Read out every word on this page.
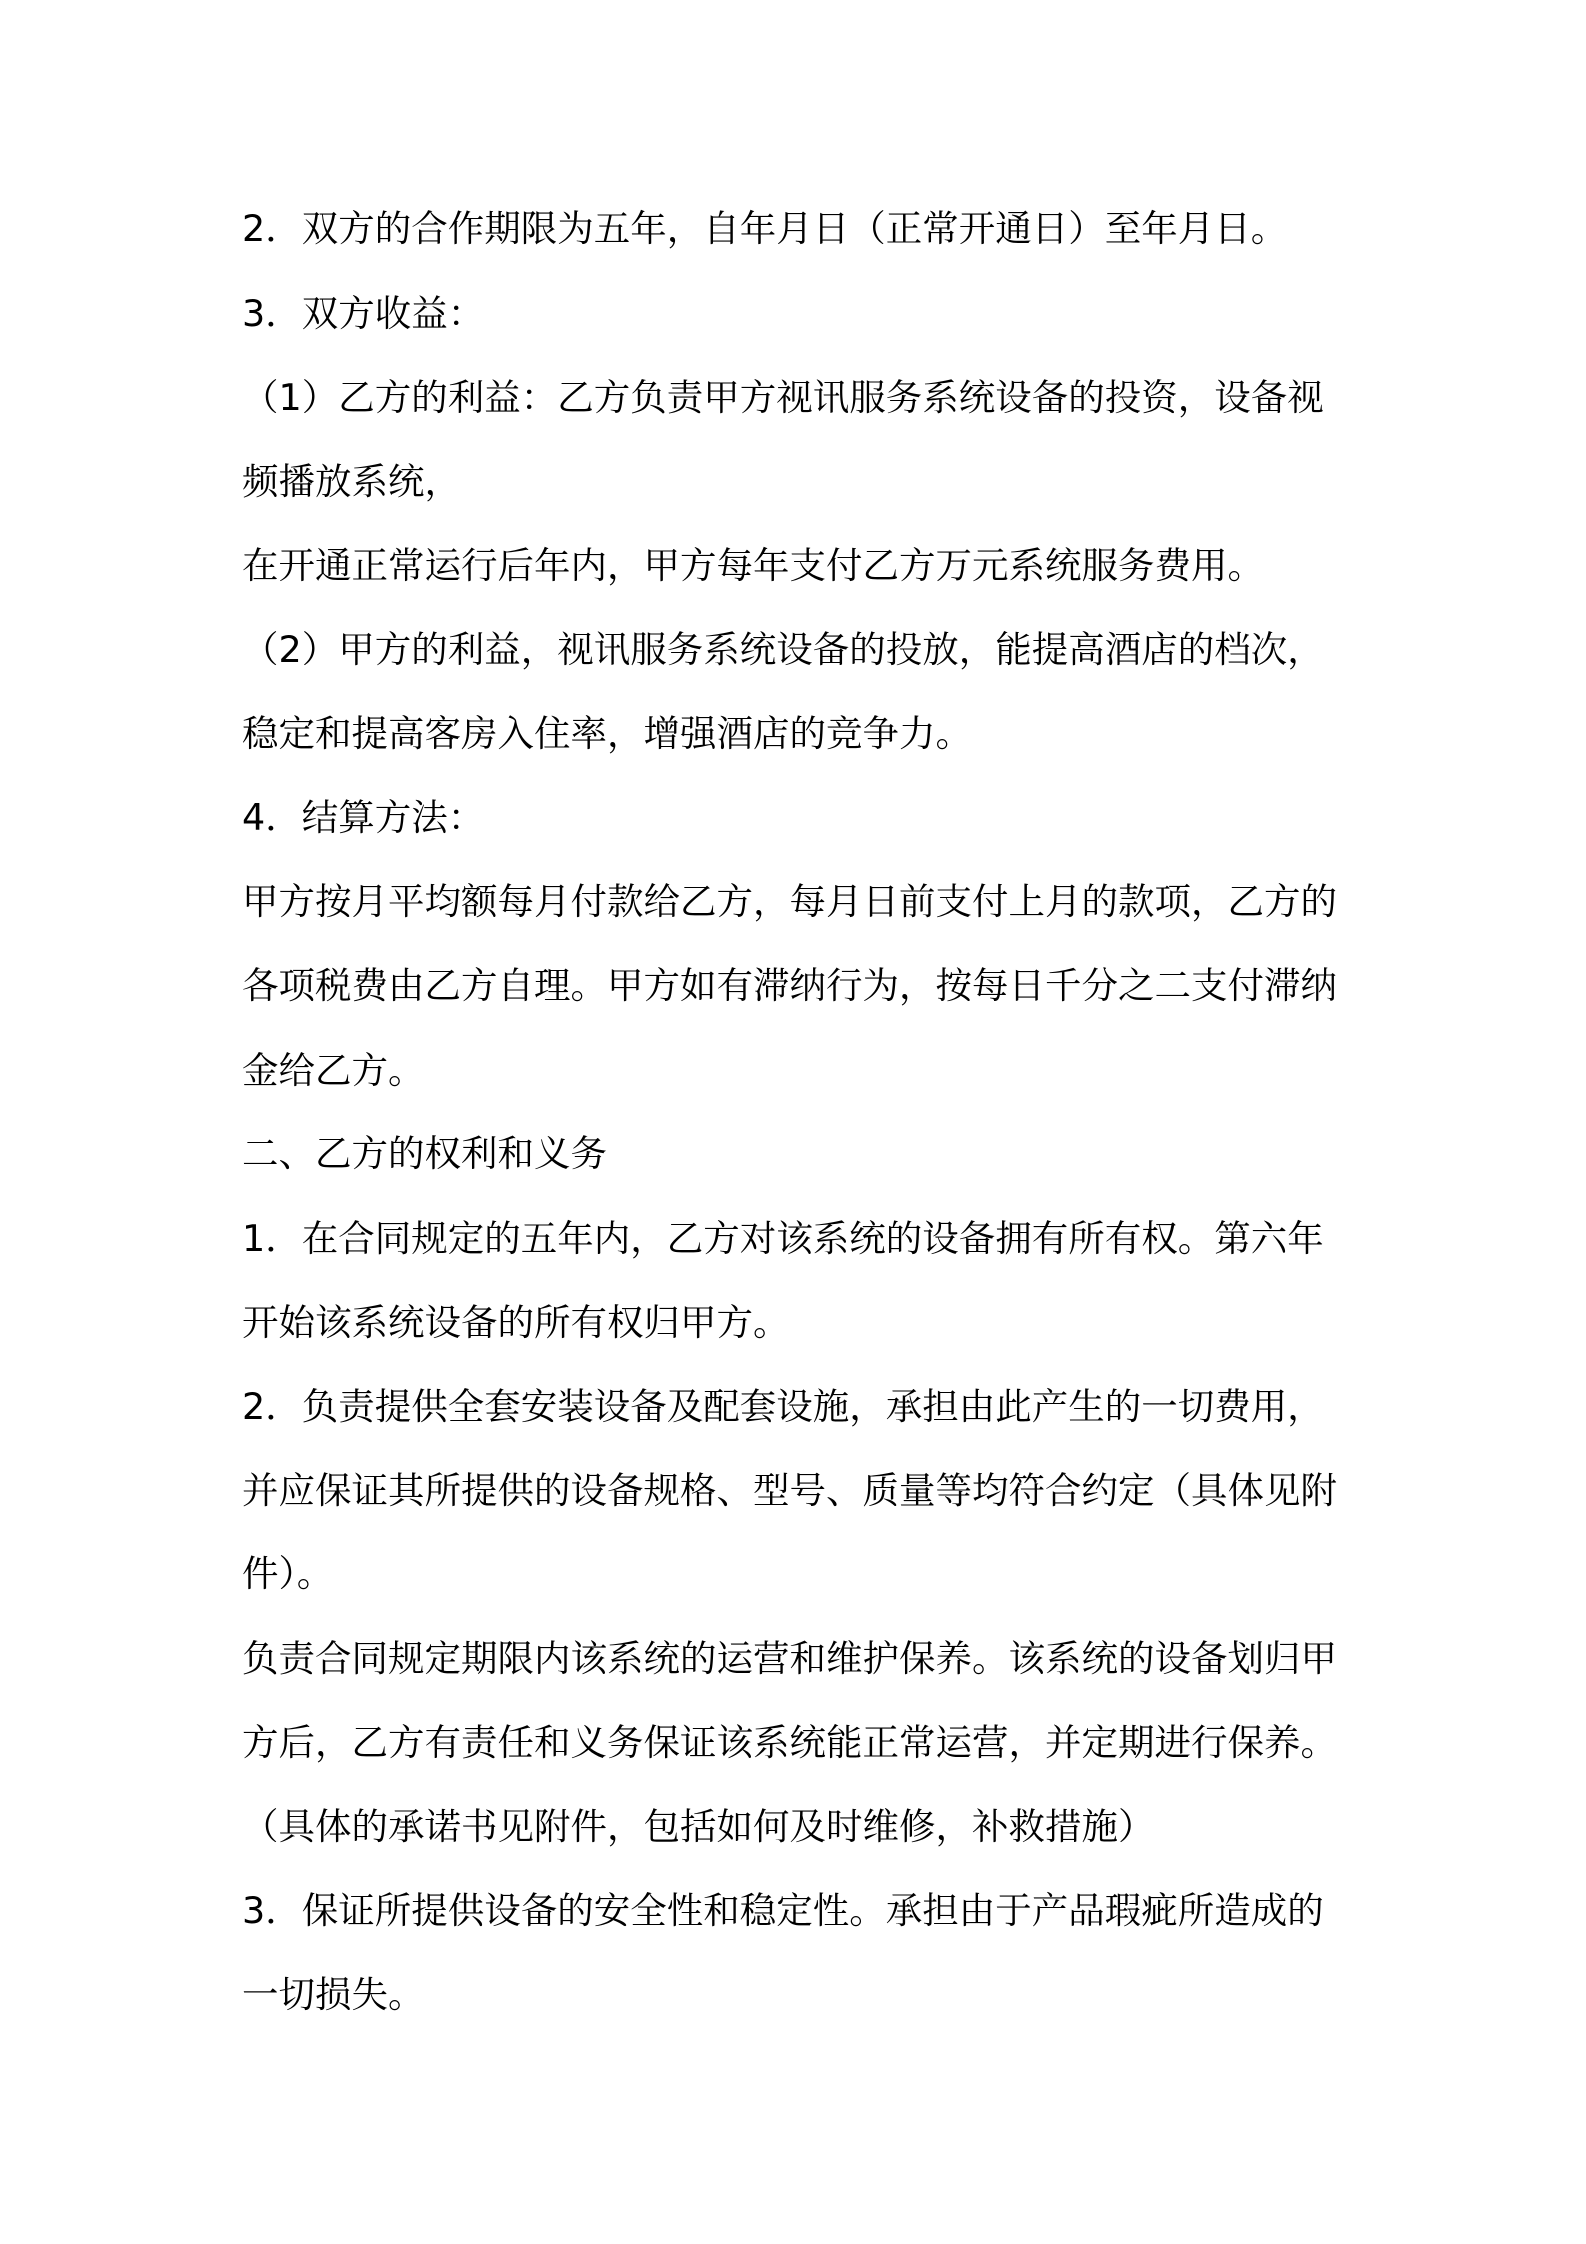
2．双方的合作期限为五年，自年月日（正常开通日）至年月日。

3．双方收益：

（1）乙方的利益：乙方负责甲方视讯服务系统设备的投资，设备视

频播放系统，

在开通正常运行后年内，甲方每年支付乙方万元系统服务费用。

（2）甲方的利益，视讯服务系统设备的投放，能提高酒店的档次，

稳定和提高客房入住率，增强酒店的竞争力。

4．结算方法：

甲方按月平均额每月付款给乙方，每月日前支付上月的款项，乙方的

各项税费由乙方自理。甲方如有滞纳行为，按每日千分之二支付滞纳

金给乙方。

二、乙方的权利和义务

1．在合同规定的五年内，乙方对该系统的设备拥有所有权。第六年

开始该系统设备的所有权归甲方。

2．负责提供全套安装设备及配套设施，承担由此产生的一切费用，

并应保证其所提供的设备规格、型号、质量等均符合约定（具体见附

件）。

负责合同规定期限内该系统的运营和维护保养。该系统的设备划归甲

方后，乙方有责任和义务保证该系统能正常运营，并定期进行保养。

（具体的承诺书见附件，包括如何及时维修，补救措施）

3．保证所提供设备的安全性和稳定性。承担由于产品瑕疵所造成的

一切损失。
